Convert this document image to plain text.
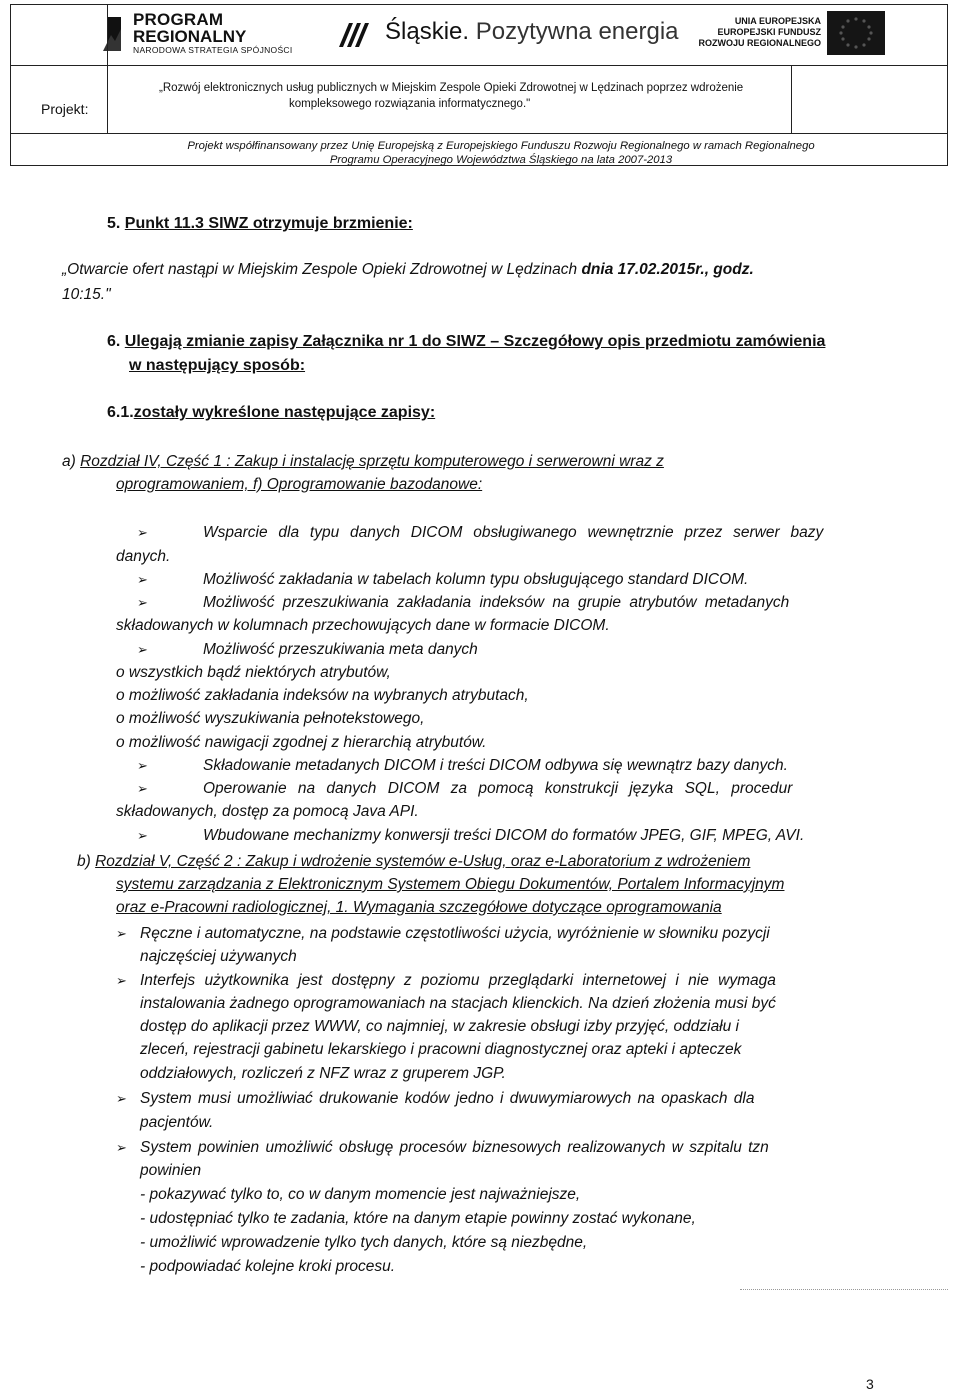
PROGRAM
REGIONALNY
NARODOWA STRATEGIA SPÓJNOŚCI
Śląskie. Pozytywna energia	UNIA EUROPEJSKA
EUROPEJSKI FUNDUSZ
ROZWOJU REGIONALNEGO
Projekt:
„Rozwój elektronicznych usług publicznych w Miejskim Zespole Opieki Zdrowotnej w Lędzinach poprzez wdrożenie
kompleksowego rozwiązania informatycznego."
Projekt współfinansowany przez Unię Europejską z Europejskiego Funduszu Rozwoju Regionalnego w ramach Regionalnego
Programu Operacyjnego Województwa Śląskiego na lata 2007-2013
5. Punkt 11.3 SIWZ otrzymuje brzmienie:
„Otwarcie ofert nastąpi w Miejskim Zespole Opieki Zdrowotnej w Lędzinach dnia 17.02.2015r., godz.
10:15."
6. Ulegają zmianie zapisy Załącznika nr 1 do SIWZ – Szczegółowy opis przedmiotu zamówienia
w następujący sposób:
6.1.zostały wykreślone następujące zapisy:
a) Rozdział IV, Część 1 : Zakup i instalację sprzętu komputerowego i serwerowni wraz z
oprogramowaniem, f) Oprogramowanie bazodanowe:
➢	Wsparcie dla typu danych DICOM obsługiwanego wewnętrznie przez serwer bazy
danych.
➢	Możliwość zakładania w tabelach kolumn typu obsługującego standard DICOM.
➢	Możliwość przeszukiwania zakładania indeksów na grupie atrybutów metadanych
składowanych w kolumnach przechowujących dane w formacie DICOM.
➢	Możliwość przeszukiwania meta danych
o wszystkich bądź niektórych atrybutów,
o możliwość zakładania indeksów na wybranych atrybutach,
o możliwość wyszukiwania pełnotekstowego,
o możliwość nawigacji zgodnej z hierarchią atrybutów.
➢	Składowanie metadanych DICOM i treści DICOM odbywa się wewnątrz bazy danych.
➢	Operowanie na danych DICOM za pomocą konstrukcji języka SQL, procedur
składowanych, dostęp za pomocą Java API.
➢	Wbudowane mechanizmy konwersji treści DICOM do formatów JPEG, GIF, MPEG, AVI.
b) Rozdział V, Część 2 : Zakup i wdrożenie systemów e-Usług, oraz e-Laboratorium z wdrożeniem
systemu zarządzania z Elektronicznym Systemem Obiegu Dokumentów, Portalem Informacyjnym
oraz e-Pracowni radiologicznej, 1. Wymagania szczegółowe dotyczące oprogramowania
➢ Ręczne i automatyczne, na podstawie częstotliwości użycia, wyróżnienie w słowniku pozycji
najczęściej używanych
➢ Interfejs użytkownika jest dostępny z poziomu przeglądarki internetowej i nie wymaga
instalowania żadnego oprogramowaniach na stacjach klienckich. Na dzień złożenia musi być
dostęp do aplikacji przez WWW, co najmniej, w zakresie obsługi izby przyjęć, oddziału i
zleceń, rejestracji gabinetu lekarskiego i pracowni diagnostycznej oraz apteki i apteczek
oddziałowych, rozliczeń z NFZ wraz z gruperem JGP.
➢ System musi umożliwiać drukowanie kodów jedno i dwuwymiarowych na opaskach dla
pacjentów.
➢ System powinien umożliwić obsługę procesów biznesowych realizowanych w szpitalu tzn
powinien
- pokazywać tylko to, co w danym momencie jest najważniejsze,
- udostępniać tylko te zadania, które na danym etapie powinny zostać wykonane,
- umożliwić wprowadzenie tylko tych danych, które są niezbędne,
- podpowiadać kolejne kroki procesu.
3
